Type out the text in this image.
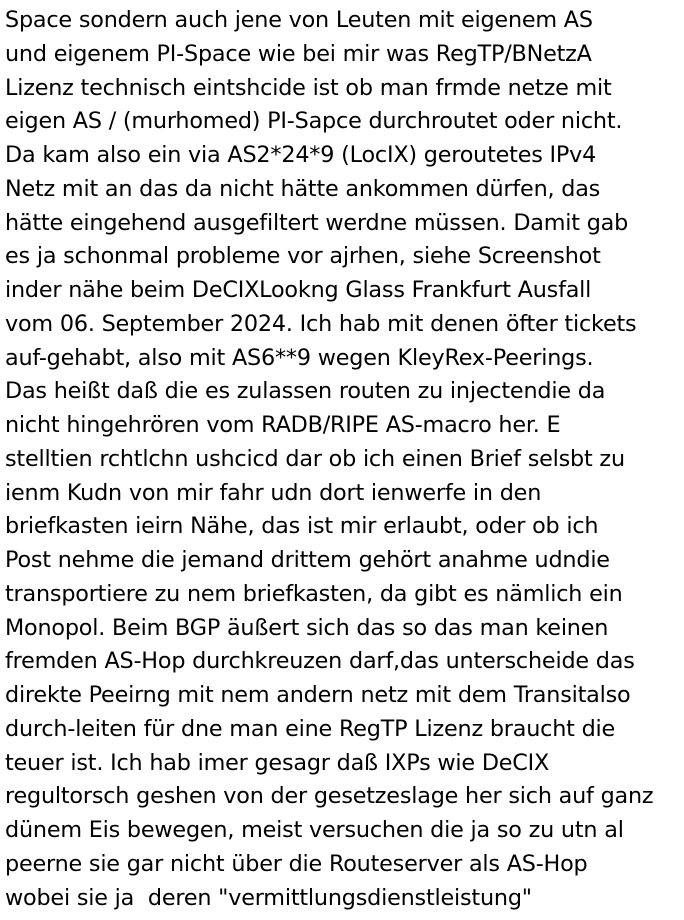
Space sondern auch jene von Leuten mit eigenem AS
und eigenem PI-Space wie bei mir was RegTP/BNetzA
Lizenz technisch eintshcide ist ob man frmde netze mit
eigen AS / (murhomed) PI-Sapce durchroutet oder nicht.
Da kam also ein via AS2*24*9 (LocIX) geroutetes IPv4
Netz mit an das da nicht hätte ankommen dürfen, das
hätte eingehend ausgefiltert werdne müssen. Damit gab
es ja schonmal probleme vor ajrhen, siehe Screenshot
inder nähe beim DeCIXLookng Glass Frankfurt Ausfall
vom 06. September 2024. Ich hab mit denen öfter tickets
auf-gehabt, also mit AS6**9 wegen KleyRex-Peerings.
Das heißt daß die es zulassen routen zu injectendie da
nicht hingehrören vom RADB/RIPE AS-macro her. E
stelltien rchtlchn ushcicd dar ob ich einen Brief selsbt zu
ienm Kudn von mir fahr udn dort ienwerfe in den
briefkasten ieirn Nähe, das ist mir erlaubt, oder ob ich
Post nehme die jemand drittem gehört anahme udndie
transportiere zu nem briefkasten, da gibt es nämlich ein
Monopol. Beim BGP äußert sich das so das man keinen
fremden AS-Hop durchkreuzen darf,das unterscheide das
direkte Peeirng mit nem andern netz mit dem Transitalso
durch-leiten für dne man eine RegTP Lizenz braucht die
teuer ist. Ich hab imer gesagr daß IXPs wie DeCIX
regultorsch geshen von der gesetzeslage her sich auf ganz
dünem Eis bewegen, meist versuchen die ja so zu utn al
peerne sie gar nicht über die Routeserver als AS-Hop
wobei sie ja  deren "vermittlungsdienstleistung"
